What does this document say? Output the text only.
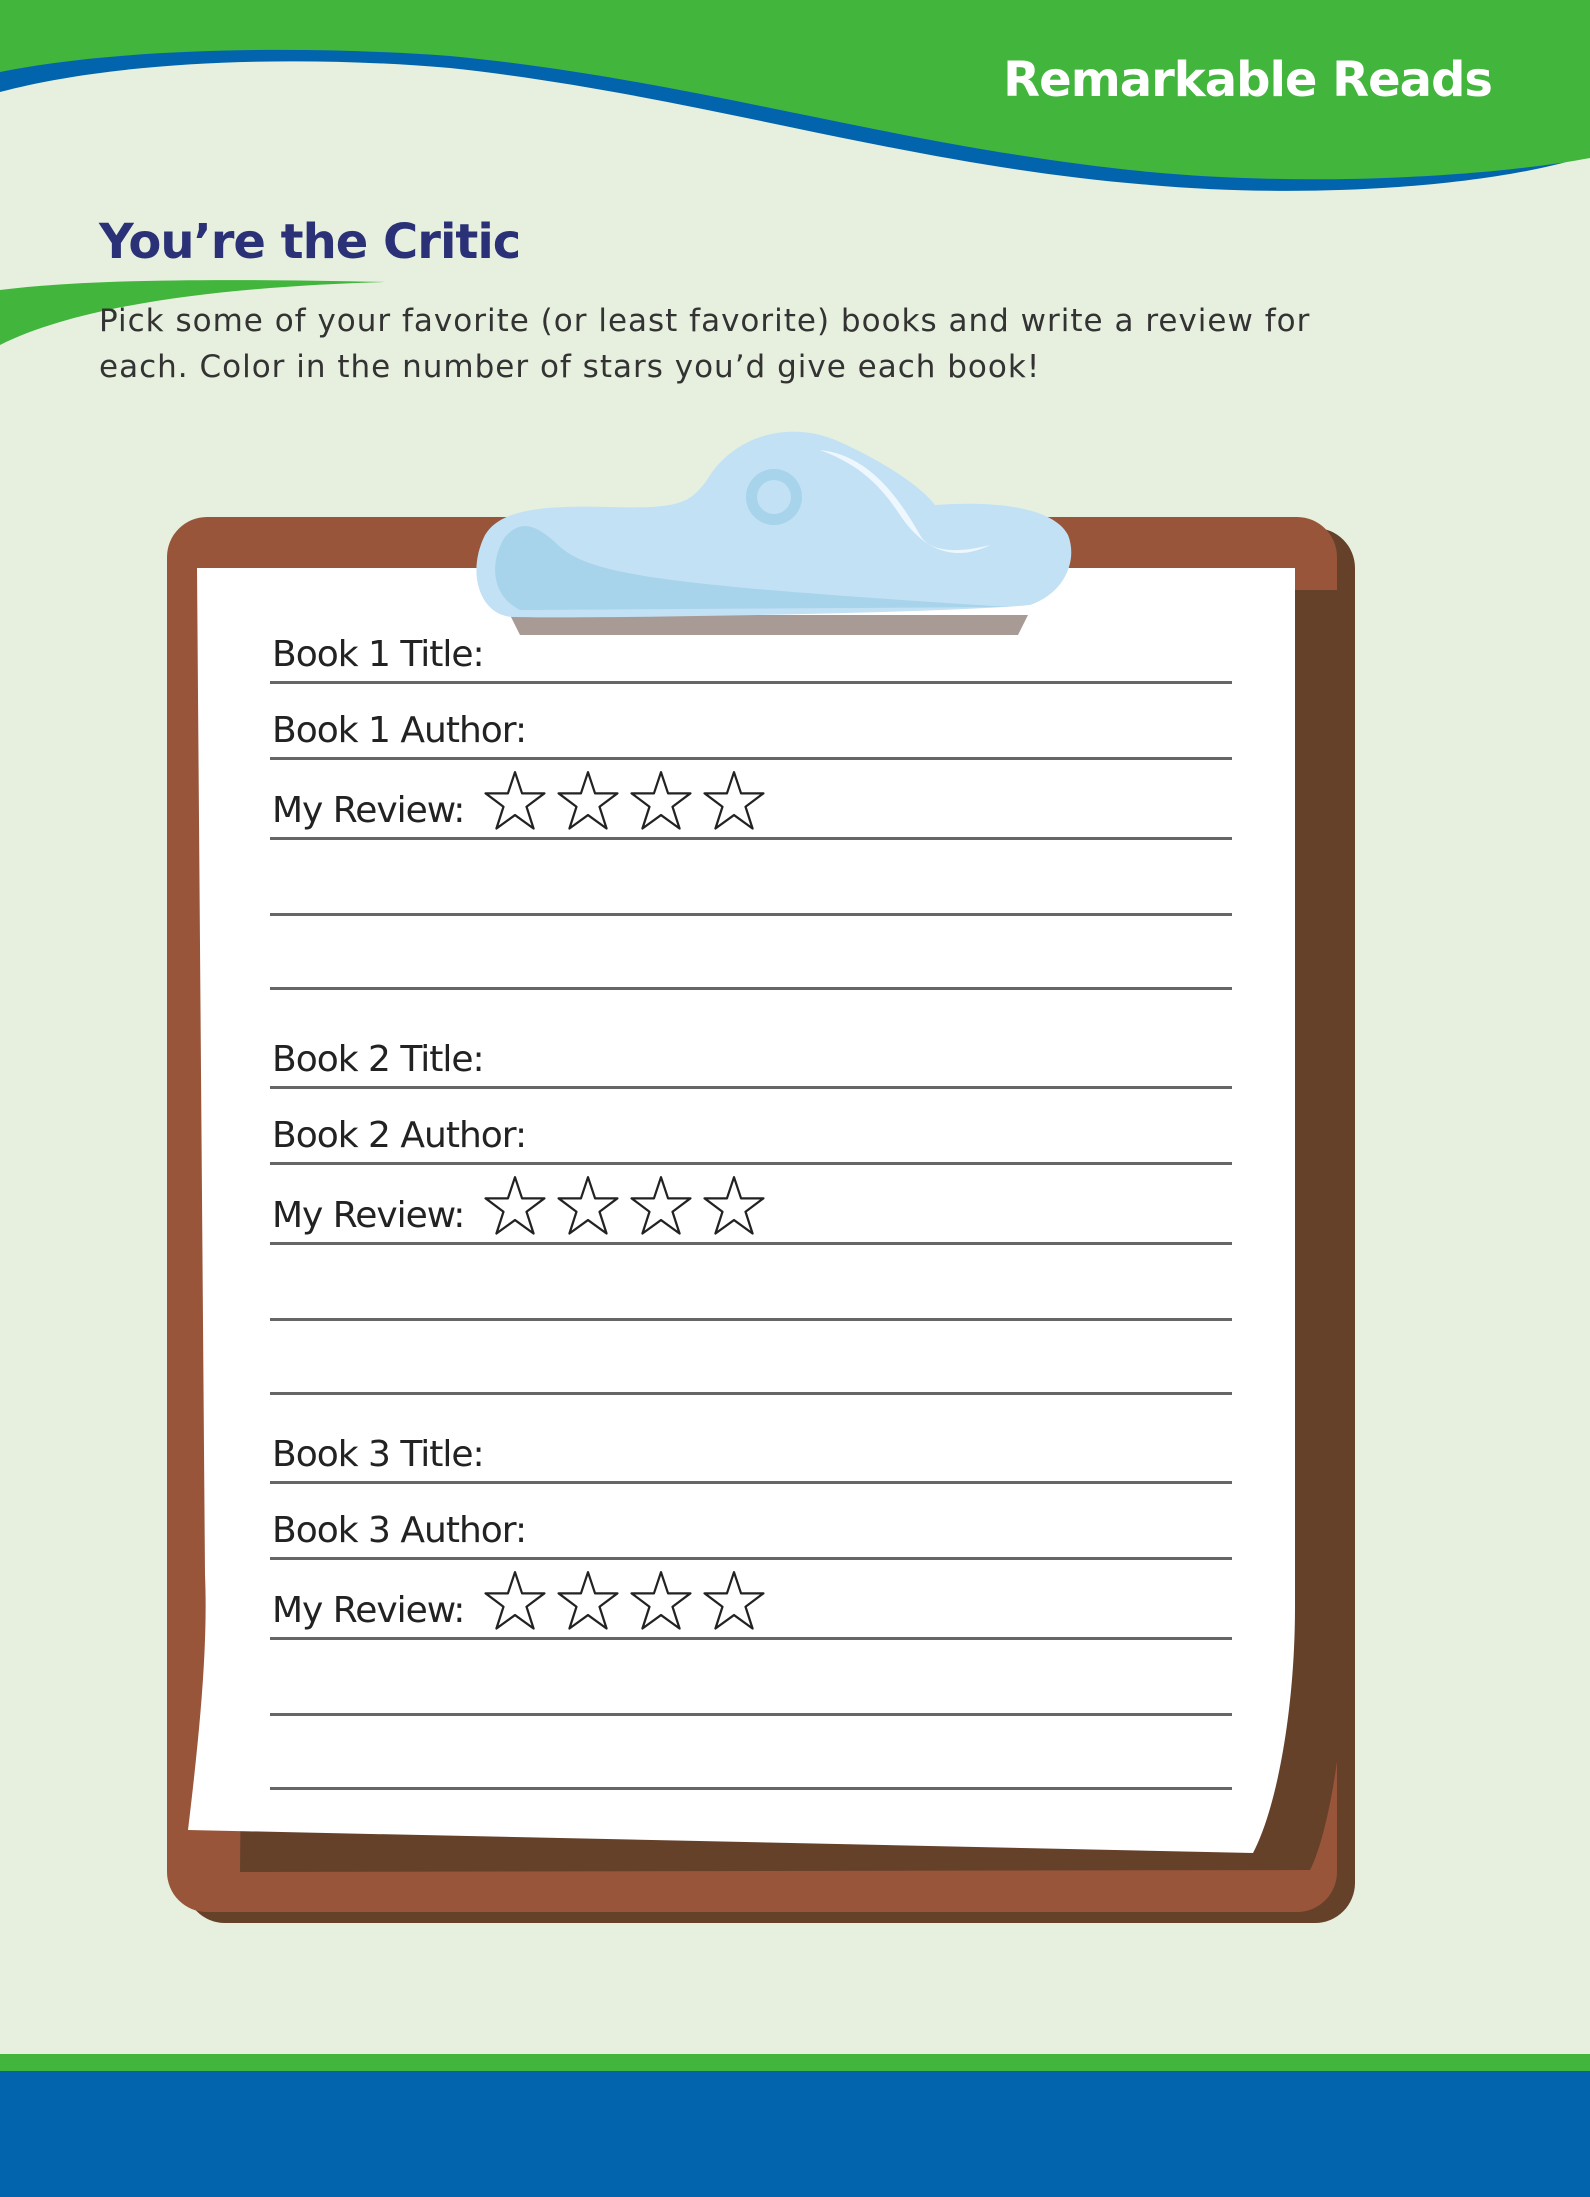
Remarkable Reads
You’re the Critic

Pick some of your favorite (or least favorite) books and write a review for each. Color in the number of stars you’d give each book!

Book 1 Title:
Book 1 Author:
My Review:
Book 2 Title:
Book 2 Author:
My Review:
Book 3 Title:
Book 3 Author:
My Review:
